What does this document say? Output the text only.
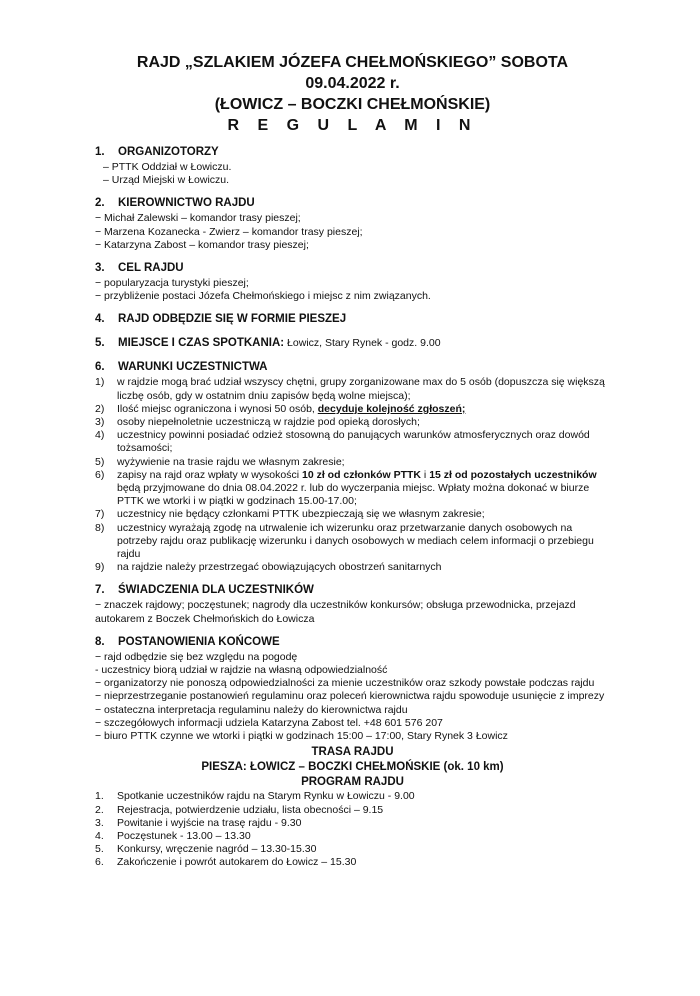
RAJD „SZLAKIEM JÓZEFA CHEŁMOŃSKIEGO” SOBOTA 09.04.2022 r.

(ŁOWICZ – BOCZKI CHEŁMOŃSKIE)

R E G U L A M I N

1.	ORGANIZOTORZY

– PTTK Oddział w Łowiczu.

– Urząd Miejski w Łowiczu.

2.	KIEROWNICTWO RAJDU

− Michał Zalewski – komandor trasy pieszej;

− Marzena Kozanecka - Zwierz – komandor trasy pieszej;

− Katarzyna Zabost – komandor trasy pieszej;

3.	CEL RAJDU

− popularyzacja turystyki pieszej;

− przybliżenie postaci Józefa Chełmońskiego i miejsc z nim związanych.

4.	RAJD ODBĘDZIE SIĘ W FORMIE PIESZEJ
5.	MIEJSCE I CZAS SPOTKANIA: Łowicz, Stary Rynek - godz. 9.00
6.	WARUNKI UCZESTNICTWA
1)	w rajdzie mogą brać udział wszyscy chętni, grupy zorganizowane max do 5 osób (dopuszcza się większą liczbę osób, gdy w ostatnim dniu zapisów będą wolne miejsca);
2)	Ilość miejsc ograniczona i wynosi 50 osób, decyduje kolejność zgłoszeń;
3)	osoby niepełnoletnie uczestniczą w rajdzie pod opieką dorosłych;
4)	uczestnicy powinni posiadać odzież stosowną do panujących warunków atmosferycznych oraz dowód tożsamości;
5)	wyżywienie na trasie rajdu we własnym zakresie;
6)	zapisy na rajd oraz wpłaty w wysokości 10 zł od członków PTTK i 15 zł od pozostałych uczestników będą przyjmowane do dnia 08.04.2022 r. lub do wyczerpania miejsc. Wpłaty można dokonać w biurze PTTK we wtorki i w piątki w godzinach 15.00-17.00;
7)	uczestnicy nie będący członkami PTTK ubezpieczają się we własnym zakresie;
8)	uczestnicy wyrażają zgodę na utrwalenie ich wizerunku oraz przetwarzanie danych osobowych na potrzeby rajdu oraz publikację wizerunku i danych osobowych w mediach celem informacji o przebiegu rajdu
9)	na rajdzie należy przestrzegać obowiązujących obostrzeń sanitarnych
7.	ŚWIADCZENIA DLA UCZESTNIKÓW

− znaczek rajdowy; poczęstunek; nagrody dla uczestników konkursów; obsługa przewodnicka, przejazd autokarem z Boczek Chełmońskich do Łowicza

8.	POSTANOWIENIA KOŃCOWE

− rajd odbędzie się bez względu na pogodę

- uczestnicy biorą udział w rajdzie na własną odpowiedzialność

− organizatorzy nie ponoszą odpowiedzialności za mienie uczestników oraz szkody powstałe podczas rajdu

− nieprzestrzeganie postanowień regulaminu oraz poleceń kierownictwa rajdu spowoduje usunięcie z imprezy

− ostateczna interpretacja regulaminu należy do kierownictwa rajdu

− szczegółowych informacji udziela Katarzyna Zabost tel. +48 601 576 207

− biuro PTTK czynne we wtorki i piątki w godzinach 15:00 – 17:00, Stary Rynek 3 Łowicz

TRASA RAJDU

PIESZA: ŁOWICZ – BOCZKI CHEŁMOŃSKIE (ok. 10 km)

PROGRAM RAJDU

1.	Spotkanie uczestników rajdu na Starym Rynku w Łowiczu - 9.00
2.	Rejestracja, potwierdzenie udziału, lista obecności – 9.15
3.	Powitanie i wyjście na trasę rajdu - 9.30
4.	Poczęstunek - 13.00 – 13.30
5.	Konkursy, wręczenie nagród – 13.30-15.30
6.	Zakończenie i powrót autokarem do Łowicz – 15.30
